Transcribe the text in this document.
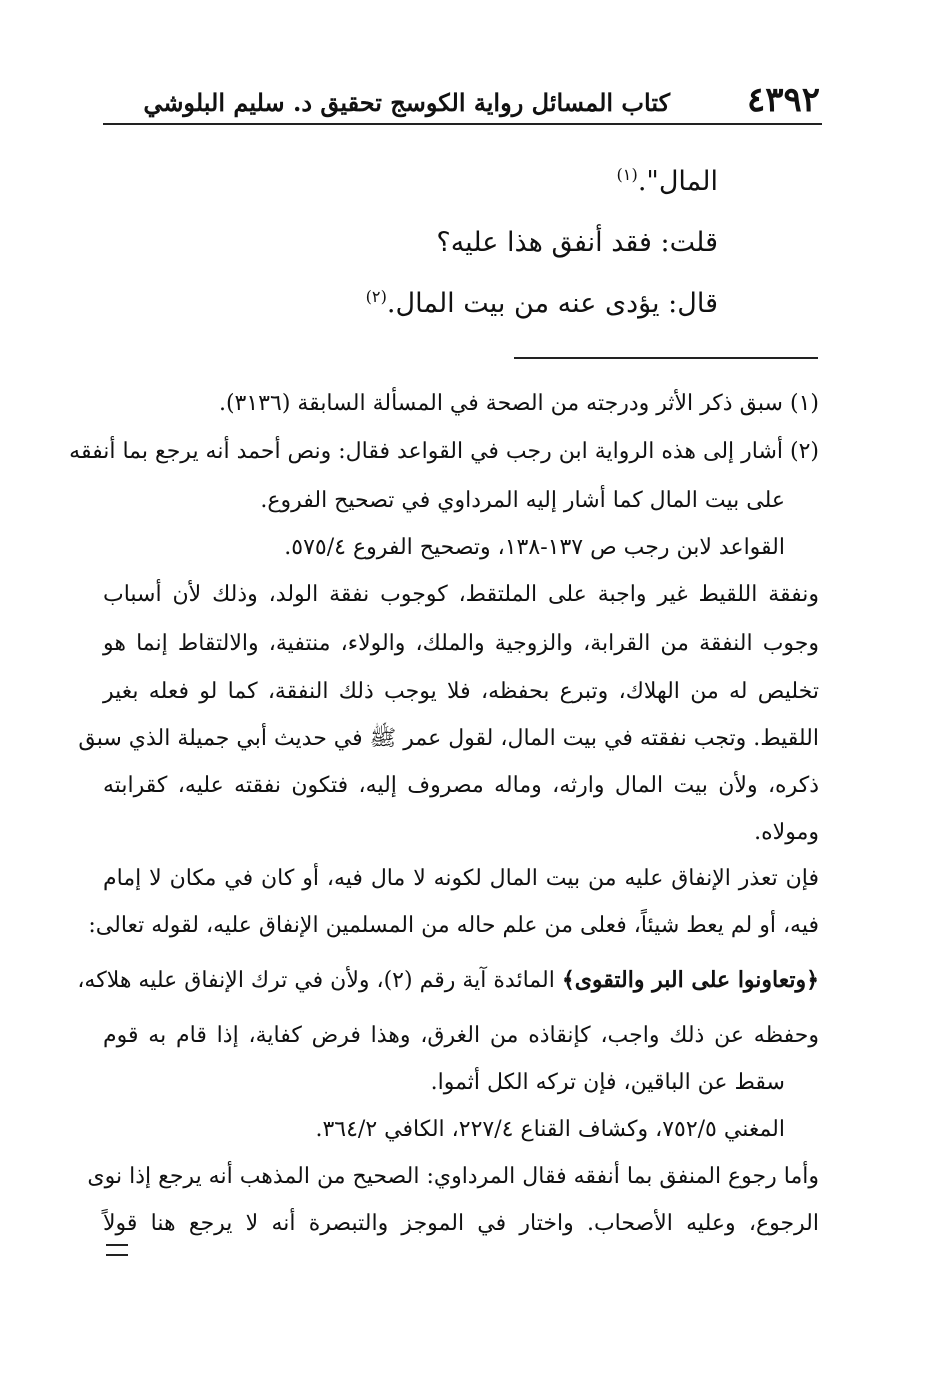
٤٣٩٢
كتاب المسائل رواية الكوسج تحقيق د. سليم البلوشي
المال".$^{(١)}$
قلت: فقد أنفق هذا عليه؟
قال: يؤدى عنه من بيت المال.$^{(٢)}$
(١) سبق ذكر الأثر ودرجته من الصحة في المسألة السابقة (٣١٣٦).
(٢) أشار إلى هذه الرواية ابن رجب في القواعد فقال: ونص أحمد أنه يرجع بما أنفقه
على بيت المال كما أشار إليه المرداوي في تصحيح الفروع.
القواعد لابن رجب ص ١٣٧-١٣٨، وتصحيح الفروع ٥٧٥/٤.
ونفقة اللقيط غير واجبة على الملتقط، كوجوب نفقة الولد، وذلك لأن أسباب
وجوب النفقة من القرابة، والزوجية والملك، والولاء، منتفية، والالتقاط إنما هو
تخليص له من الهلاك، وتبرع بحفظه، فلا يوجب ذلك النفقة، كما لو فعله بغير
اللقيط. وتجب نفقته في بيت المال، لقول عمر ﷺ في حديث أبي جميلة الذي سبق
ذكره، ولأن بيت المال وارثه، وماله مصروف إليه، فتكون نفقته عليه، كقرابته
ومولاه.
فإن تعذر الإنفاق عليه من بيت المال لكونه لا مال فيه، أو كان في مكان لا إمام
فيه، أو لم يعط شيئاً، فعلى من علم حاله من المسلمين الإنفاق عليه، لقوله تعالى:
﴿وتعاونوا على البر والتقوى﴾ المائدة آية رقم (٢)، ولأن في ترك الإنفاق عليه هلاكه،
وحفظه عن ذلك واجب، كإنقاذه من الغرق، وهذا فرض كفاية، إذا قام به قوم
سقط عن الباقين، فإن تركه الكل أثموا.
المغني ٧٥٢/٥، وكشاف القناع ٢٢٧/٤، الكافي ٣٦٤/٢.
وأما رجوع المنفق بما أنفقه فقال المرداوي: الصحيح من المذهب أنه يرجع إذا نوى
الرجوع، وعليه الأصحاب. واختار في الموجز والتبصرة أنه لا يرجع هنا قولاً
